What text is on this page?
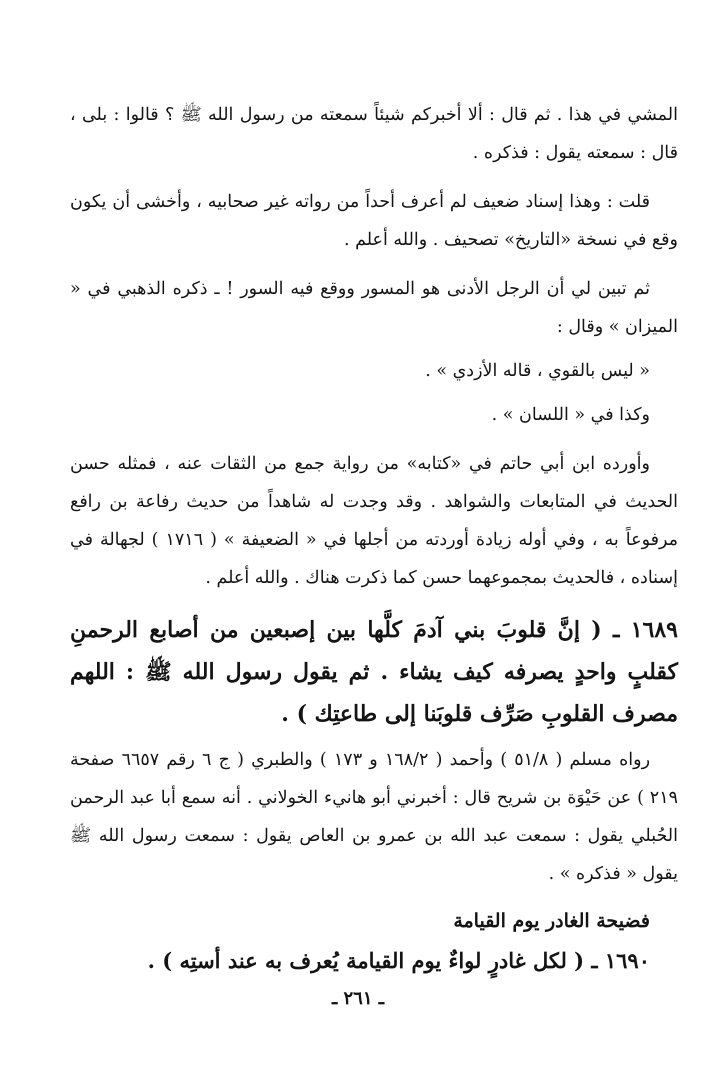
المشي في هذا . ثم قال : ألا أخبركم شيئاً سمعته من رسول الله ﷺ ؟ قالوا : بلى ، قال : سمعته يقول : فذكره .

قلت : وهذا إسناد ضعيف لم أعرف أحداً من رواته غير صحابيه ، وأخشى أن يكون وقع في نسخة «التاريخ» تصحيف . والله أعلم .

ثم تبين لي أن الرجل الأدنى هو المسور ووقع فيه السور ! ـ ذكره الذهبي في « الميزان » وقال :

« ليس بالقوي ، قاله الأزدي » .

وكذا في « اللسان » .

وأورده ابن أبي حاتم في «كتابه» من رواية جمع من الثقات عنه ، فمثله حسن الحديث في المتابعات والشواهد . وقد وجدت له شاهداً من حديث رفاعة بن رافع مرفوعاً به ، وفي أوله زيادة أوردته من أجلها في « الضعيفة » ( ١٧١٦ ) لجهالة في إسناده ، فالحديث بمجموعهما حسن كما ذكرت هناك . والله أعلم .

١٦٨٩ ـ ( إنَّ قلوبَ بني آدمَ كلَّها بين إصبعين من أصابع الرحمنِ كقلبٍ واحدٍ يصرفه كيف يشاء . ثم يقول رسول الله ﷺ : اللهم مصرف القلوبِ صَرِّف قلوبَنا إلى طاعتِك ) .

رواه مسلم ( ٥١/٨ ) وأحمد ( ١٦٨/٢ و ١٧٣ ) والطبري ( ج ٦ رقم ٦٦٥٧ صفحة ٢١٩ ) عن حَيْوَة بن شريح قال : أخبرني أبو هانيء الخولاني . أنه سمع أبا عبد الرحمن الحُبلي يقول : سمعت عبد الله بن عمرو بن العاص يقول : سمعت رسول الله ﷺ يقول « فذكره » .

فضيحة الغادر يوم القيامة

١٦٩٠ ـ ( لكل غادرٍ لواءٌ يوم القيامة يُعرف به عند أستِه ) .

ـ ٢٦١ ـ
